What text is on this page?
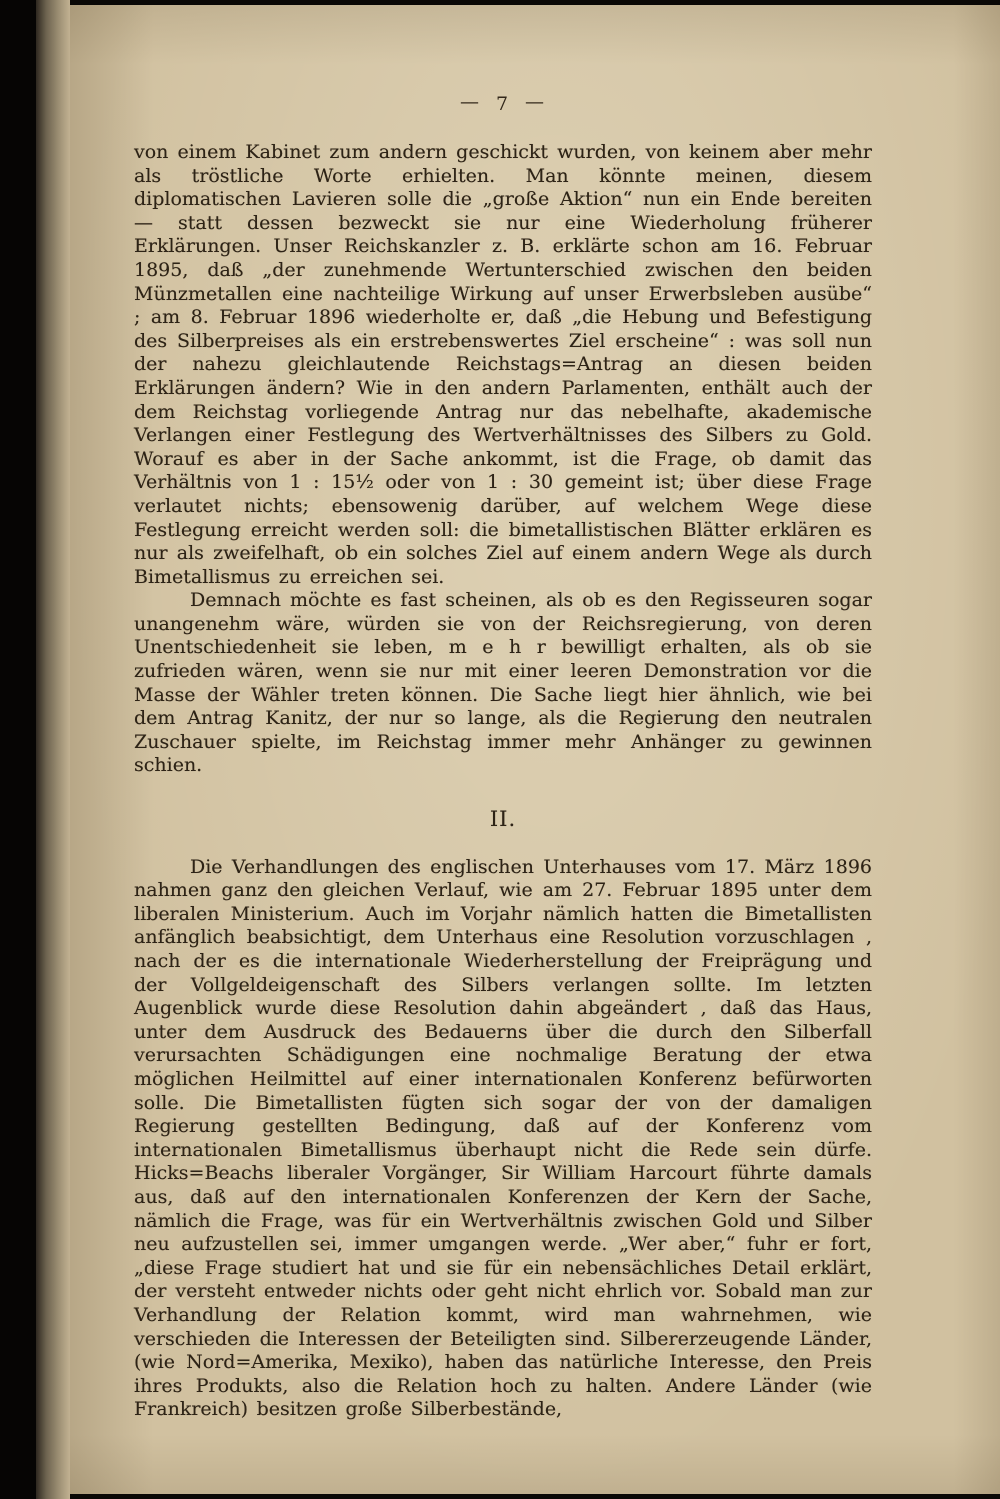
— 7 —

von einem Kabinet zum andern geschickt wurden, von keinem aber mehr als tröstliche Worte erhielten. Man könnte meinen, diesem diplomatischen Lavieren solle die „große Aktion“ nun ein Ende bereiten — statt dessen bezweckt sie nur eine Wiederholung früherer Erklärungen. Unser Reichskanzler z. B. erklärte schon am 16. Februar 1895, daß „der zunehmende Wertunterschied zwischen den beiden Münzmetallen eine nachteilige Wirkung auf unser Erwerbsleben ausübe“ ; am 8. Februar 1896 wiederholte er, daß „die Hebung und Befestigung des Silberpreises als ein erstrebenswertes Ziel erscheine“ : was soll nun der nahezu gleichlautende Reichstags=Antrag an diesen beiden Erklärungen ändern? Wie in den andern Parlamenten, enthält auch der dem Reichstag vorliegende Antrag nur das nebelhafte, akademische Verlangen einer Festlegung des Wertverhältnisses des Silbers zu Gold. Worauf es aber in der Sache ankommt, ist die Frage, ob damit das Verhältnis von 1 : 15½ oder von 1 : 30 gemeint ist; über diese Frage verlautet nichts; ebensowenig darüber, auf welchem Wege diese Festlegung erreicht werden soll: die bimetallistischen Blätter erklären es nur als zweifelhaft, ob ein solches Ziel auf einem andern Wege als durch Bimetallismus zu erreichen sei.

Demnach möchte es fast scheinen, als ob es den Regisseuren sogar unangenehm wäre, würden sie von der Reichsregierung, von deren Unentschiedenheit sie leben, m e h r bewilligt erhalten, als ob sie zufrieden wären, wenn sie nur mit einer leeren Demonstration vor die Masse der Wähler treten können. Die Sache liegt hier ähnlich, wie bei dem Antrag Kanitz, der nur so lange, als die Regierung den neutralen Zuschauer spielte, im Reichstag immer mehr Anhänger zu gewinnen schien.

II.

Die Verhandlungen des englischen Unterhauses vom 17. März 1896 nahmen ganz den gleichen Verlauf, wie am 27. Februar 1895 unter dem liberalen Ministerium. Auch im Vorjahr nämlich hatten die Bimetallisten anfänglich beabsichtigt, dem Unterhaus eine Resolution vorzuschlagen , nach der es die internationale Wiederherstellung der Freiprägung und der Vollgeldeigenschaft des Silbers verlangen sollte. Im letzten Augenblick wurde diese Resolution dahin abgeändert , daß das Haus, unter dem Ausdruck des Bedauerns über die durch den Silberfall verursachten Schädigungen eine nochmalige Beratung der etwa möglichen Heilmittel auf einer internationalen Konferenz befürworten solle. Die Bimetallisten fügten sich sogar der von der damaligen Regierung gestellten Bedingung, daß auf der Konferenz vom internationalen Bimetallismus überhaupt nicht die Rede sein dürfe. Hicks=Beachs liberaler Vorgänger, Sir William Harcourt führte damals aus, daß auf den internationalen Konferenzen der Kern der Sache, nämlich die Frage, was für ein Wertverhältnis zwischen Gold und Silber neu aufzustellen sei, immer umgangen werde. „Wer aber,“ fuhr er fort, „diese Frage studiert hat und sie für ein nebensächliches Detail erklärt, der versteht entweder nichts oder geht nicht ehrlich vor. Sobald man zur Verhandlung der Relation kommt, wird man wahrnehmen, wie verschieden die Interessen der Beteiligten sind. Silbererzeugende Länder, (wie Nord=Amerika, Mexiko), haben das natürliche Interesse, den Preis ihres Produkts, also die Relation hoch zu halten. Andere Länder (wie Frankreich) besitzen große Silberbestände,
